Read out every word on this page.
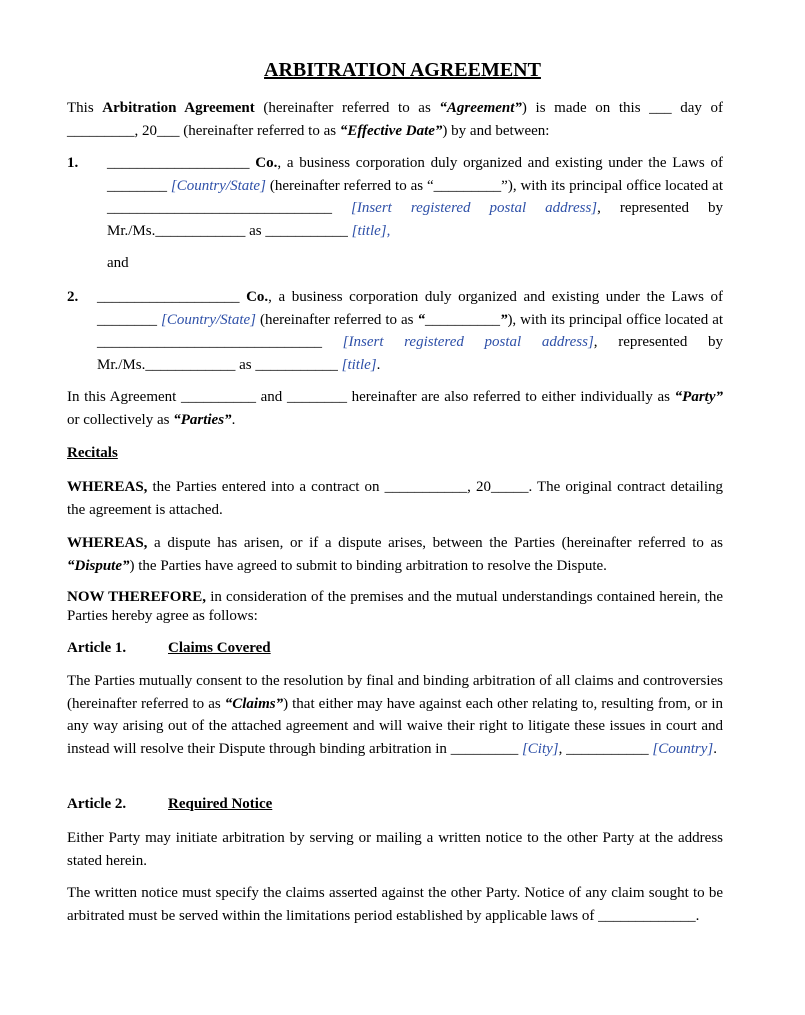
ARBITRATION AGREEMENT

This Arbitration Agreement (hereinafter referred to as “Agreement”) is made on this ___ day of _________, 20___ (hereinafter referred to as “Effective Date”) by and between:

1. ___________________ Co., a business corporation duly organized and existing under the Laws of ________ [Country/State] (hereinafter referred to as “_________”), with its principal office located at ______________________________ [Insert registered postal address], represented by Mr./Ms.____________ as ___________ [title],

and

2. ___________________ Co., a business corporation duly organized and existing under the Laws of ________ [Country/State] (hereinafter referred to as “__________”), with its principal office located at ______________________________ [Insert registered postal address], represented by Mr./Ms.____________ as ___________ [title].

In this Agreement __________ and ________ hereinafter are also referred to either individually as “Party” or collectively as “Parties”.

Recitals

WHEREAS, the Parties entered into a contract on ___________, 20_____. The original contract detailing the agreement is attached.

WHEREAS, a dispute has arisen, or if a dispute arises, between the Parties (hereinafter referred to as “Dispute”) the Parties have agreed to submit to binding arbitration to resolve the Dispute.

NOW THEREFORE, in consideration of the premises and the mutual understandings contained herein, the Parties hereby agree as follows:

Article 1.	Claims Covered

The Parties mutually consent to the resolution by final and binding arbitration of all claims and controversies (hereinafter referred to as “Claims”) that either may have against each other relating to, resulting from, or in any way arising out of the attached agreement and will waive their right to litigate these issues in court and instead will resolve their Dispute through binding arbitration in _________ [City], ___________ [Country].

Article 2.	Required Notice

Either Party may initiate arbitration by serving or mailing a written notice to the other Party at the address stated herein.

The written notice must specify the claims asserted against the other Party. Notice of any claim sought to be arbitrated must be served within the limitations period established by applicable laws of _____________.
